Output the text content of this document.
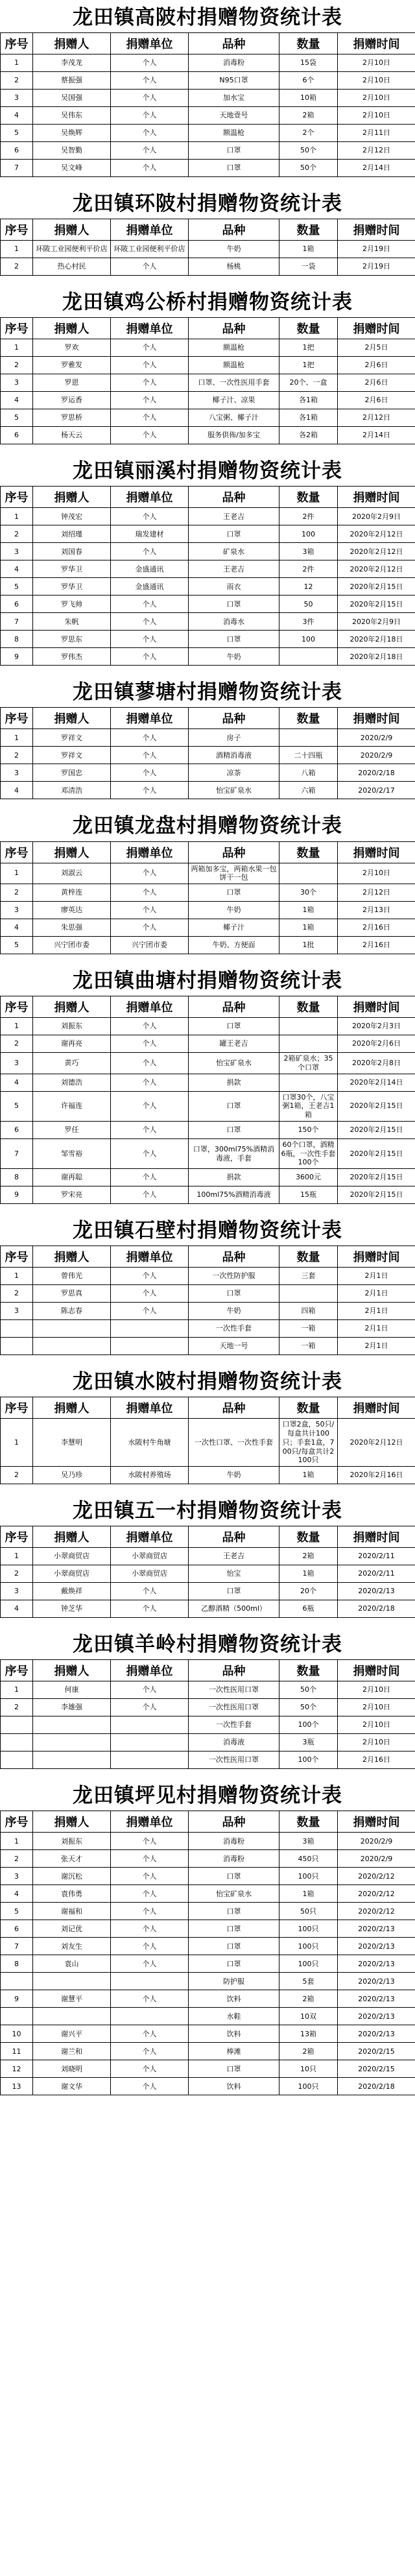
龙田镇高陂村捐赠物资统计表
序号	捐赠人	捐赠单位	品种	数量	捐赠时间
1	李茂龙	个人	消毒粉	15袋	2月10日
2	蔡振强	个人	N95口罩	6个	2月10日
3	吴国强	个人	加水宝	10箱	2月10日
4	吴伟东	个人	天地壹号	2箱	2月10日
5	吴焕辉	个人	额温枪	2个	2月11日
6	吴智勤	个人	口罩	50个	2月12日
7	吴文峰	个人	口罩	50个	2月14日
龙田镇环陂村捐赠物资统计表
序号	捐赠人	捐赠单位	品种	数量	捐赠时间
1	环陂工业园便利平价店	环陂工业园便利平价店	牛奶	1箱	2月19日
2	热心村民	个人	杨桃	一袋	2月19日
龙田镇鸡公桥村捐赠物资统计表
序号	捐赠人	捐赠单位	品种	数量	捐赠时间
1	罗欢	个人	额温枪	1把	2月5日
2	罗雅发	个人	额温枪	1把	2月6日
3	罗恩	个人	口罩、一次性医用手套	20个、一盒	2月6日
4	罗运香	个人	椰子汁、凉果	各1箱	2月6日
5	罗思桥	个人	八宝粥、椰子汁	各1箱	2月12日
6	杨天云	个人	服务供佈/加多宝	各2箱	2月14日
龙田镇丽溪村捐赠物资统计表
序号	捐赠人	捐赠单位	品种	数量	捐赠时间
1	钟茂宏	个人	王老吉	2件	2020年2月9日
2	刘绍瑾	瑞发建材	口罩	100	2020年2月12日
3	刘国春	个人	矿泉水	3箱	2020年2月12日
4	罗华卫	金盛通讯	王老吉	2件	2020年2月12日
5	罗华卫	金盛通讯	雨衣	12	2020年2月15日
6	罗飞帅	个人	口罩	50	2020年2月15日
7	朱帆	个人	消毒水	3件	2020年2月9日
8	罗思东	个人	口罩	100	2020年2月18日
9	罗伟杰	个人	牛奶		2020年2月18日
龙田镇蓼塘村捐赠物资统计表
序号	捐赠人	捐赠单位	品种	数量	捐赠时间
1	罗祥文	个人	房子		2020/2/9
2	罗祥文	个人	酒精消毒液	二十四瓶	2020/2/9
3	罗国忠	个人	凉茶	八箱	2020/2/18
4	邓清浩	个人	怡宝矿泉水	六箱	2020/2/17
龙田镇龙盘村捐赠物资统计表
序号	捐赠人	捐赠单位	品种	数量	捐赠时间
1	刘淑云	个人	两箱加多宝，两箱水果一包饼干一包		2月10日
2	黄梓连	个人	口罩	30个	2月12日
3	廖英达	个人	牛奶	1箱	2月13日
4	朱思强	个人	椰子汁	1箱	2月16日
5	兴宁团市委	兴宁团市委	牛奶、方便面	1批	2月16日
龙田镇曲塘村捐赠物资统计表
序号	捐赠人	捐赠单位	品种	数量	捐赠时间
1	刘振东	个人	口罩		2020年2月3日
2	谢再亮	个人	罐王老吉		2020年2月6日
3	黄巧	个人	怡宝矿泉水	2箱矿泉水；35个口罩	2020年2月8日
4	刘德浩	个人	捐款		2020年2月14日
5	许福连	个人	口罩	口罩30个，八宝粥1箱，王老吉1箱	2020年2月15日
6	罗任	个人	口罩	150个	2020年2月15日
7	邹雪裕	个人	口罩，300ml75%酒精消毒液，手套	60个口罩，酒精6瓶，一次性手套100个	2020年2月15日
8	谢再聪	个人	捐款	3600元	2020年2月15日
9	罗宋亮	个人	100ml75%酒精消毒液	15瓶	2020年2月15日
龙田镇石壁村捐赠物资统计表
序号	捐赠人	捐赠单位	品种	数量	捐赠时间
1	曾伟光	个人	一次性防护服	三套	2月1日
2	罗思真	个人	口罩		2月1日
3	陈志春	个人	牛奶	四箱	2月1日
			一次性手套	一箱	2月1日
			天地一号	一箱	2月1日
龙田镇水陂村捐赠物资统计表
序号	捐赠人	捐赠单位	品种	数量	捐赠时间
1	李慧明	水陂村牛角塘	一次性口罩、一次性手套	口罩2盒，50只/每盒共计100只；手套1盒，700只/每盒共计2100只	2020年2月12日
2	吴乃珍	水陂村养殖场	牛奶	1箱	2020年2月16日
龙田镇五一村捐赠物资统计表
序号	捐赠人	捐赠单位	品种	数量	捐赠时间
1	小翠商贸店	小翠商贸店	王老吉	2箱	2020/2/11
2	小翠商贸店	小翠商贸店	怡宝	1箱	2020/2/11
3	戴焕祥	个人	口罩	20个	2020/2/13
4	钟芝华	个人	乙醇酒精（500ml）	6瓶	2020/2/18
龙田镇羊岭村捐赠物资统计表
序号	捐赠人	捐赠单位	品种	数量	捐赠时间
1	何康	个人	一次性医用口罩	50个	2月10日
2	李雄强	个人	一次性医用口罩	50个	2月10日
			一次性手套	100个	2月10日
			消毒液	3瓶	2月10日
			一次性医用口罩	100个	2月16日
龙田镇坪见村捐赠物资统计表
序号	捐赠人	捐赠单位	品种	数量	捐赠时间
1	刘振东	个人	消毒粉	3箱	2020/2/9
2	张天才	个人	消毒粉	450只	2020/2/9
3	谢沉松	个人	口罩	100只	2020/2/12
4	袁伟勇	个人	怡宝矿泉水	1箱	2020/2/12
5	谢福和	个人	口罩	50只	2020/2/12
6	刘记优	个人	口罩	100只	2020/2/13
7	刘友生	个人	口罩	100只	2020/2/13
8	袁山	个人	口罩	100只	2020/2/13
			防护服	5套	2020/2/13
9	谢慧平	个人	饮料	2箱	2020/2/13
			水鞋	10双	2020/2/13
10	谢兴平	个人	饮料	13箱	2020/2/13
11	谢兰和	个人	棒滩	2箱	2020/2/15
12	刘晓明	个人	口罩	10只	2020/2/15
13	谢文华	个人	饮料	100只	2020/2/18
